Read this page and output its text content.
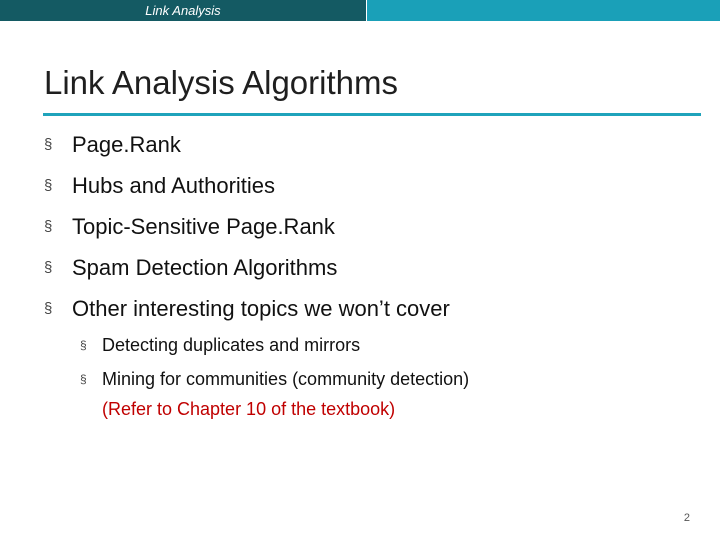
Link Analysis
Link Analysis Algorithms
§ Page.Rank
§ Hubs and Authorities
§ Topic-Sensitive Page.Rank
§ Spam Detection Algorithms
§ Other interesting topics we won’t cover
§ Detecting duplicates and mirrors
§ Mining for communities (community detection)
(Refer to Chapter 10 of the textbook)
2
